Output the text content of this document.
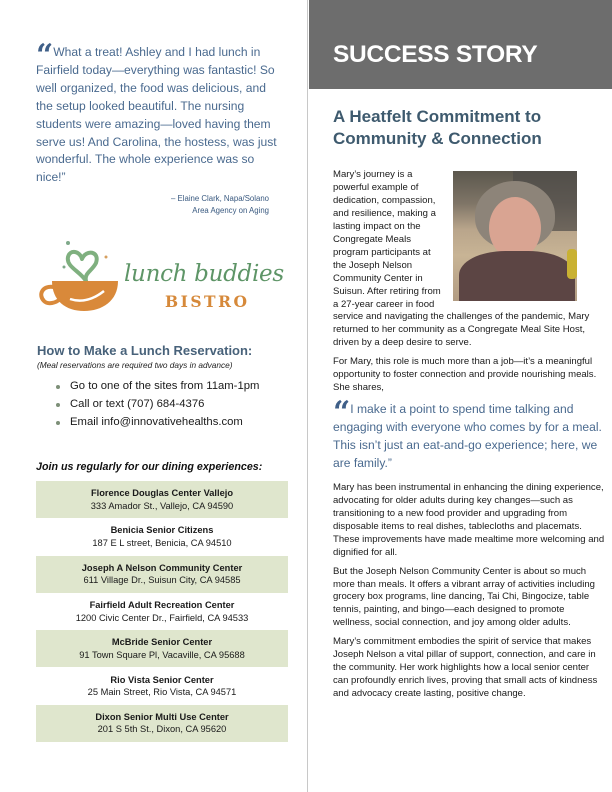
“ What a treat! Ashley and I had lunch in Fairfield today—everything was fantastic! So well organized, the food was delicious, and the setup looked beautiful. The nursing students were amazing—loved having them serve us! And Carolina, the hostess, was just wonderful. The whole experience was so nice!”
– Elaine Clark, Napa/Solano
Area Agency on Aging
lunch buddies
BISTRO
How to Make a Lunch Reservation:
(Meal reservations are required two days in advance)
Go to one of the sites from 11am-1pm
Call or text (707) 684-4376
Email info@innovativehealths.com
Join us regularly for our dining experiences:
Florence Douglas Center Vallejo
333 Amador St., Vallejo, CA 94590
Benicia Senior Citizens
187 E L street, Benicia, CA 94510
Joseph A Nelson Community Center
611 Village Dr., Suisun City, CA 94585
Fairfield Adult Recreation Center
1200 Civic Center Dr., Fairfield, CA 94533
McBride Senior Center
91 Town Square Pl, Vacaville, CA 95688
Rio Vista Senior Center
25 Main Street, Rio Vista, CA 94571
Dixon Senior Multi Use Center
201 S 5th St., Dixon, CA 95620
SUCCESS STORY
A Heatfelt Commitment to
Community & Connection

Mary’s journey is a powerful example of dedication, compassion, and resilience, making a lasting impact on the Congregate Meals program participants at the Joseph Nelson Community Center in Suisun. After retiring from a 27-year career in food service and navigating the challenges of the pandemic, Mary returned to her community as a Congregate Meal Site Host, driven by a deep desire to serve.

For Mary, this role is much more than a job—it’s a meaningful opportunity to foster connection and provide nourishing meals. She shares,

“ I make it a point to spend time talking and engaging with everyone who comes by for a meal. This isn’t just an eat-and-go experience; here, we are family.”

Mary has been instrumental in enhancing the dining experience, advocating for older adults during key changes—such as transitioning to a new food provider and upgrading from disposable items to real dishes, tablecloths and placemats. These improvements have made mealtime more welcoming and dignified for all.

But the Joseph Nelson Community Center is about so much more than meals. It offers a vibrant array of activities including grocery box programs, line dancing, Tai Chi, Bingocize, table tennis, painting, and bingo—each designed to promote wellness, social connection, and joy among older adults.

Mary’s commitment embodies the spirit of service that makes Joseph Nelson a vital pillar of support, connection, and care in the community. Her work highlights how a local senior center can profoundly enrich lives, proving that small acts of kindness and advocacy create lasting, positive change.
